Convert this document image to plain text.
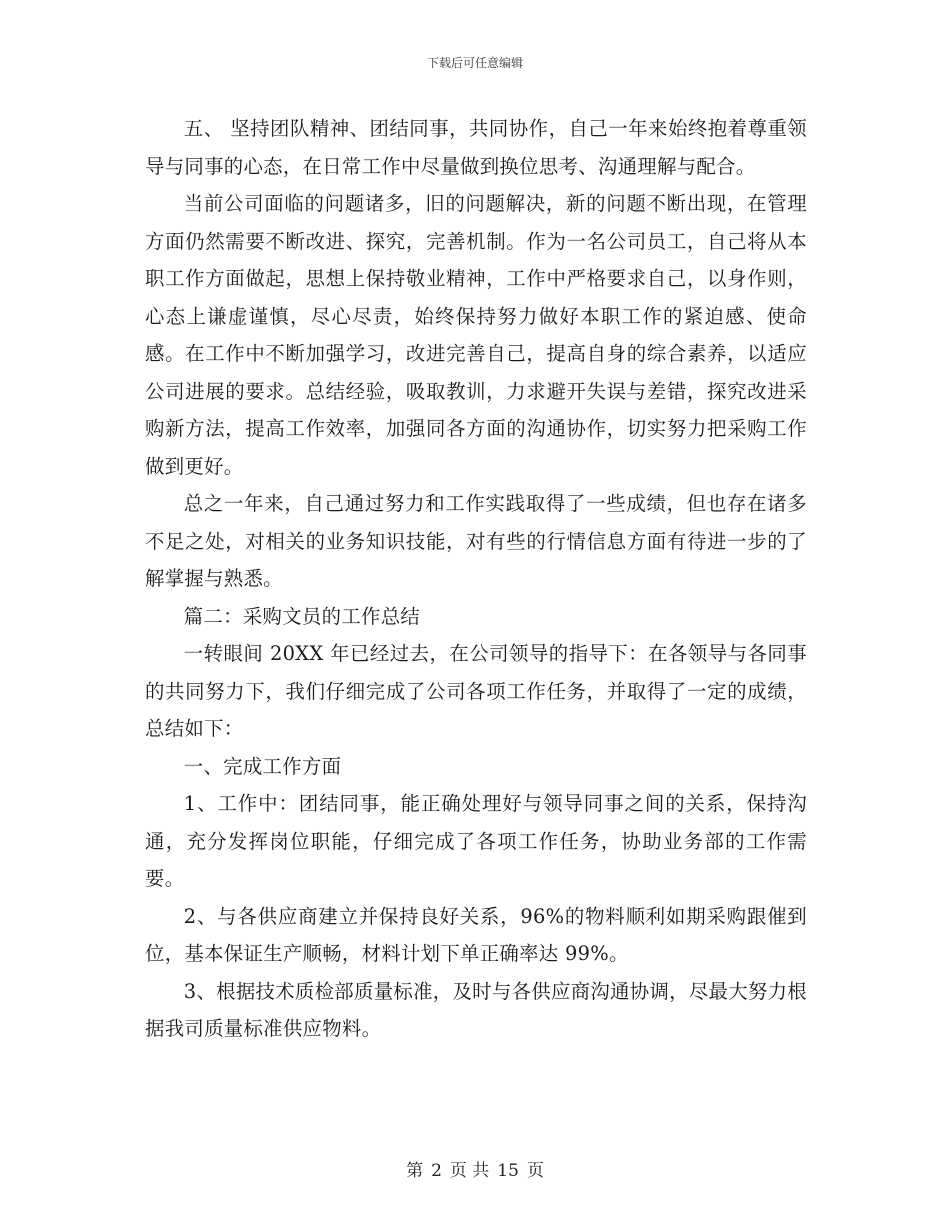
下载后可任意编辑

五、 坚持团队精神、团结同事，共同协作，自己一年来始终抱着尊重领导与同事的心态，在日常工作中尽量做到换位思考、沟通理解与配合。

当前公司面临的问题诸多，旧的问题解决，新的问题不断出现，在管理方面仍然需要不断改进、探究，完善机制。作为一名公司员工，自己将从本职工作方面做起，思想上保持敬业精神，工作中严格要求自己，以身作则，心态上谦虚谨慎，尽心尽责，始终保持努力做好本职工作的紧迫感、使命感。在工作中不断加强学习，改进完善自己，提高自身的综合素养，以适应公司进展的要求。总结经验，吸取教训，力求避开失误与差错，探究改进采购新方法，提高工作效率，加强同各方面的沟通协作，切实努力把采购工作做到更好。

总之一年来，自己通过努力和工作实践取得了一些成绩，但也存在诸多不足之处，对相关的业务知识技能，对有些的行情信息方面有待进一步的了解掌握与熟悉。

篇二：采购文员的工作总结

一转眼间 20XX 年已经过去，在公司领导的指导下：在各领导与各同事的共同努力下，我们仔细完成了公司各项工作任务，并取得了一定的成绩，总结如下：

一、完成工作方面

1、工作中：团结同事，能正确处理好与领导同事之间的关系，保持沟通，充分发挥岗位职能，仔细完成了各项工作任务，协助业务部的工作需要。

2、与各供应商建立并保持良好关系，96%的物料顺利如期采购跟催到位，基本保证生产顺畅，材料计划下单正确率达 99%。

3、根据技术质检部质量标准，及时与各供应商沟通协调，尽最大努力根据我司质量标准供应物料。

第 2 页 共 15 页
